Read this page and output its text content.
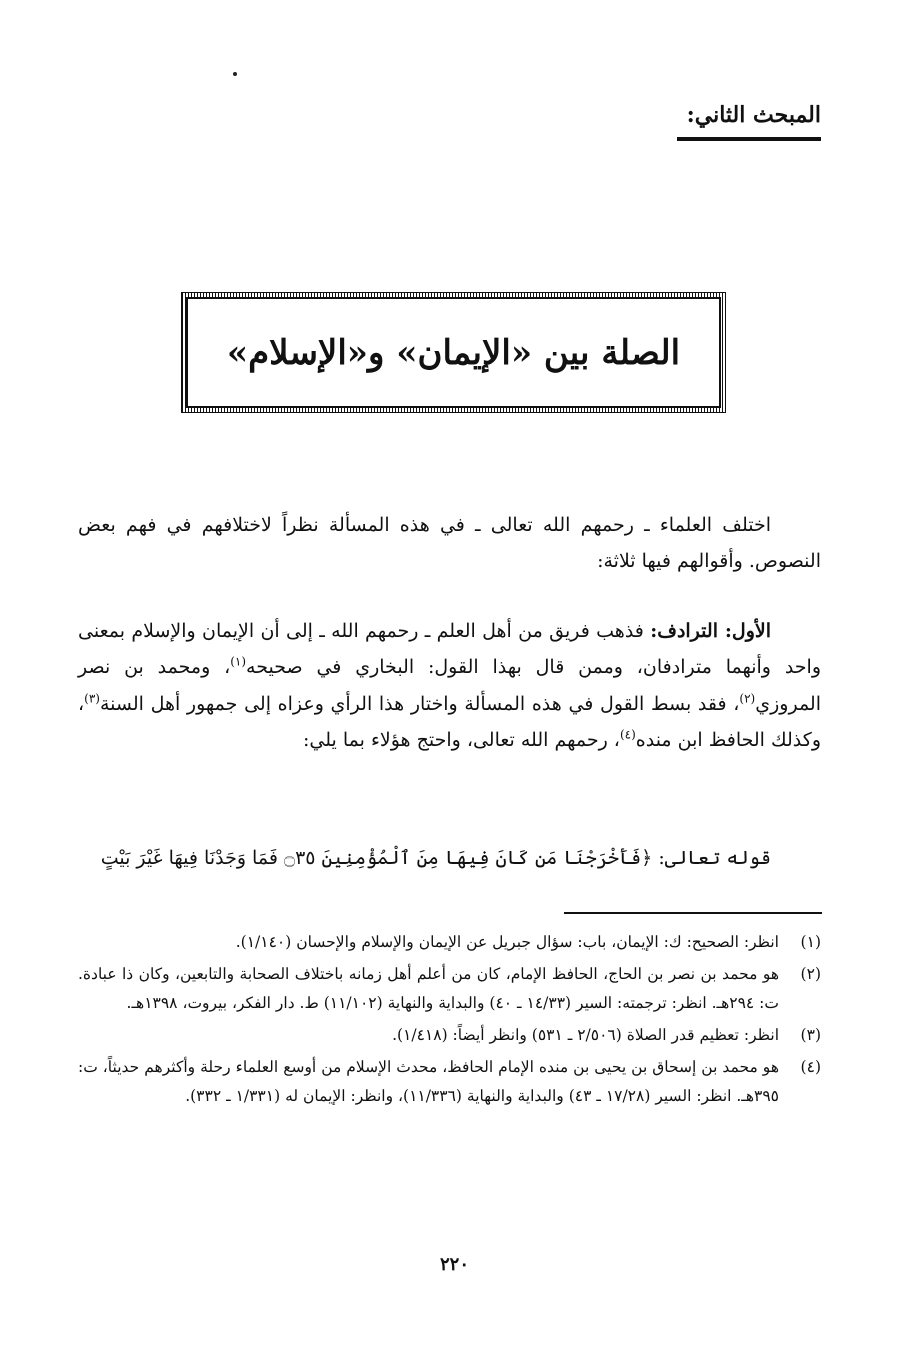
المبحث الثاني:
الصلة بين «الإيمان» و«الإسلام»

اختلف العلماء ـ رحمهم الله تعالى ـ في هذه المسألة نظراً لاختلافهم في فهم بعض النصوص. وأقوالهم فيها ثلاثة:

الأول: الترادف: فذهب فريق من أهل العلم ـ رحمهم الله ـ إلى أن الإيمان والإسلام بمعنى واحد وأنهما مترادفان، وممن قال بهذا القول: البخاري في صحيحه$^{(١)}$، ومحمد بن نصر المروزي$^{(٢)}$، فقد بسط القول في هذه المسألة واختار هذا الرأي وعزاه إلى جمهور أهل السنة$^{(٣)}$، وكذلك الحافظ ابن منده$^{(٤)}$، رحمهم الله تعالى، واحتج هؤلاء بما يلي:

قوله تعالى: ﴿فَأَخْرَجْنَا مَن كَانَ فِيهَا مِنَ ٱلْمُؤْمِنِينَ ۝٣٥ فَمَا وَجَدْنَا فِيهَا غَيْرَ بَيْتٍ

(١)
انظر: الصحيح: ك: الإيمان، باب: سؤال جبريل عن الإيمان والإسلام والإحسان (١/١٤٠).
(٢)
هو محمد بن نصر بن الحاج، الحافظ الإمام، كان من أعلم أهل زمانه باختلاف الصحابة والتابعين، وكان ذا عبادة. ت: ٢٩٤هـ. انظر: ترجمته: السير (١٤/٣٣ ـ ٤٠) والبداية والنهاية (١١/١٠٢) ط. دار الفكر، بيروت، ١٣٩٨هـ.
(٣)
انظر: تعظيم قدر الصلاة (٢/٥٠٦ ـ ٥٣١) وانظر أيضاً: (١/٤١٨).
(٤)
هو محمد بن إسحاق بن يحيى بن منده الإمام الحافظ، محدث الإسلام من أوسع العلماء رحلة وأكثرهم حديثاً، ت: ٣٩٥هـ. انظر: السير (١٧/٢٨ ـ ٤٣) والبداية والنهاية (١١/٣٣٦)، وانظر: الإيمان له (١/٣٣١ ـ ٣٣٢).
٢٢٠
